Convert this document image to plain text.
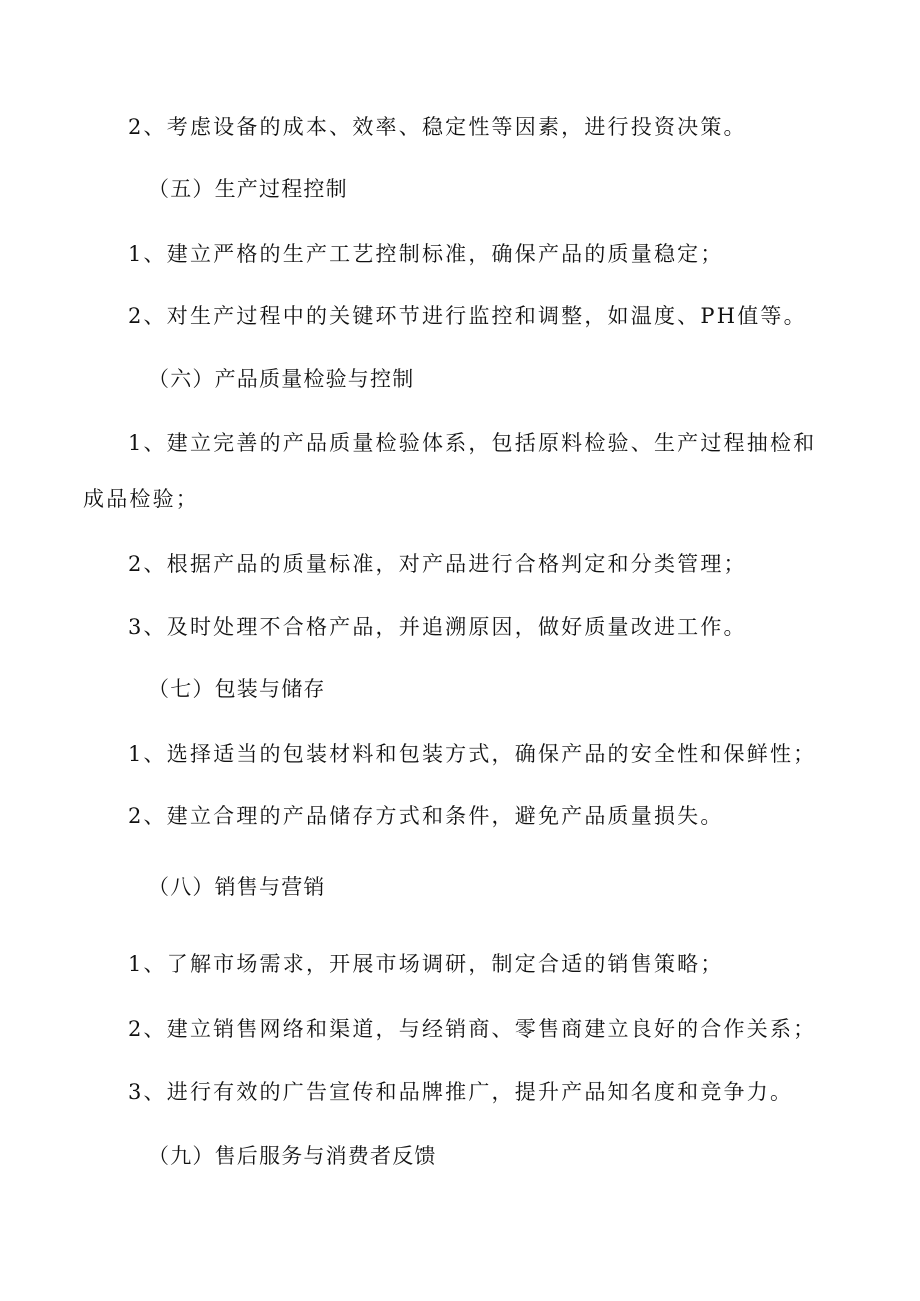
2、考虑设备的成本、效率、稳定性等因素，进行投资决策。
（五）生产过程控制
1、建立严格的生产工艺控制标准，确保产品的质量稳定；
2、对生产过程中的关键环节进行监控和调整，如温度、PH值等。
（六）产品质量检验与控制
1、建立完善的产品质量检验体系，包括原料检验、生产过程抽检和
成品检验；
2、根据产品的质量标准，对产品进行合格判定和分类管理；
3、及时处理不合格产品，并追溯原因，做好质量改进工作。
（七）包装与储存
1、选择适当的包装材料和包装方式，确保产品的安全性和保鲜性；
2、建立合理的产品储存方式和条件，避免产品质量损失。
（八）销售与营销
1、了解市场需求，开展市场调研，制定合适的销售策略；
2、建立销售网络和渠道，与经销商、零售商建立良好的合作关系；
3、进行有效的广告宣传和品牌推广，提升产品知名度和竞争力。
（九）售后服务与消费者反馈
